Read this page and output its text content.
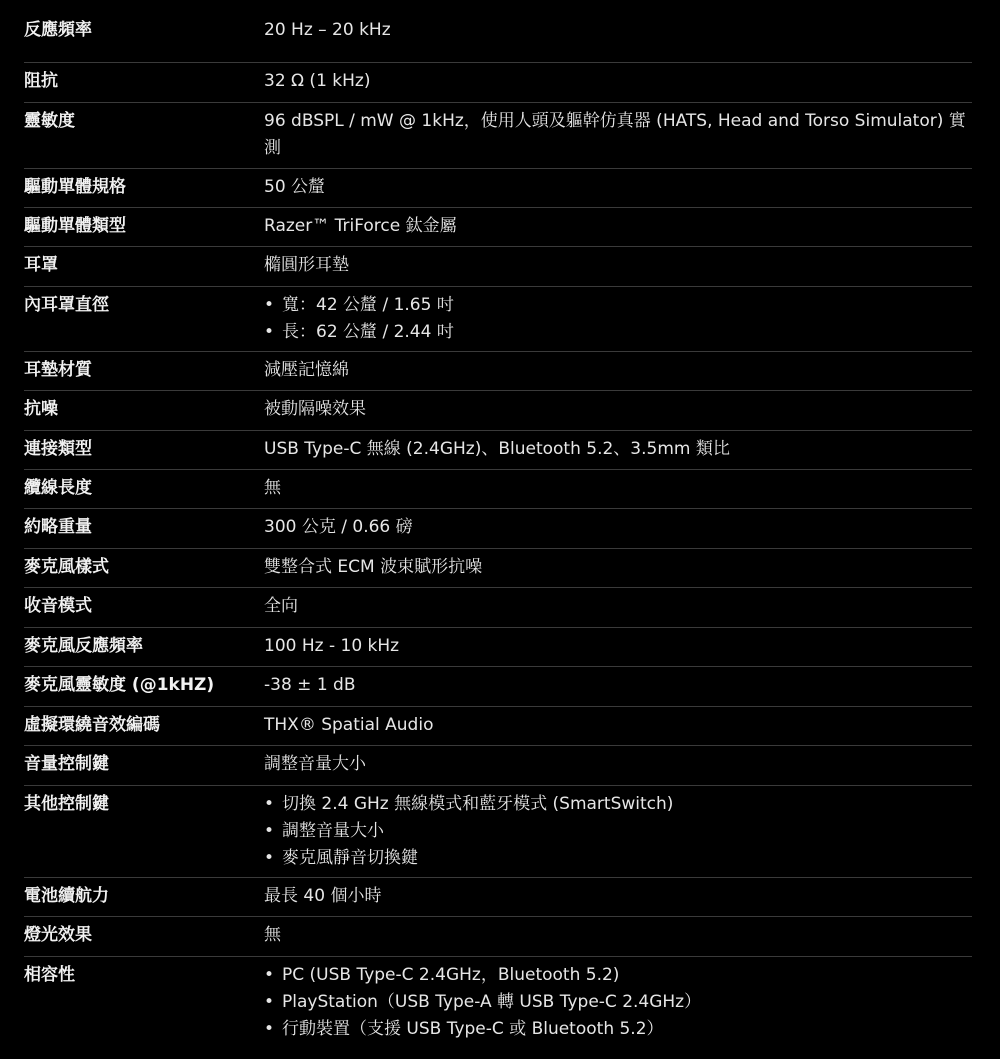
反應頻率	20 Hz – 20 kHz
阻抗	32 Ω (1 kHz)
靈敏度	96 dBSPL / mW @ 1kHz，使用人頭及軀幹仿真器 (HATS, Head and Torso Simulator) 實測
驅動單體規格	50 公釐
驅動單體類型	Razer™ TriForce 鈦金屬
耳罩	橢圓形耳墊
內耳罩直徑	• 寬：42 公釐 / 1.65 吋
• 長：62 公釐 / 2.44 吋
耳墊材質	減壓記憶綿
抗噪	被動隔噪效果
連接類型	USB Type-C 無線 (2.4GHz)、Bluetooth 5.2、3.5mm 類比
纜線長度	無
約略重量	300 公克 / 0.66 磅
麥克風樣式	雙整合式 ECM 波束賦形抗噪
收音模式	全向
麥克風反應頻率	100 Hz - 10 kHz
麥克風靈敏度 (@1kHZ)	-38 ± 1 dB
虛擬環繞音效編碼	THX® Spatial Audio
音量控制鍵	調整音量大小
其他控制鍵	• 切換 2.4 GHz 無線模式和藍牙模式 (SmartSwitch)
• 調整音量大小
• 麥克風靜音切換鍵
電池續航力	最長 40 個小時
燈光效果	無
相容性	• PC (USB Type-C 2.4GHz，Bluetooth 5.2)
• PlayStation（USB Type-A 轉 USB Type-C 2.4GHz）
• 行動裝置（支援 USB Type-C 或 Bluetooth 5.2）
